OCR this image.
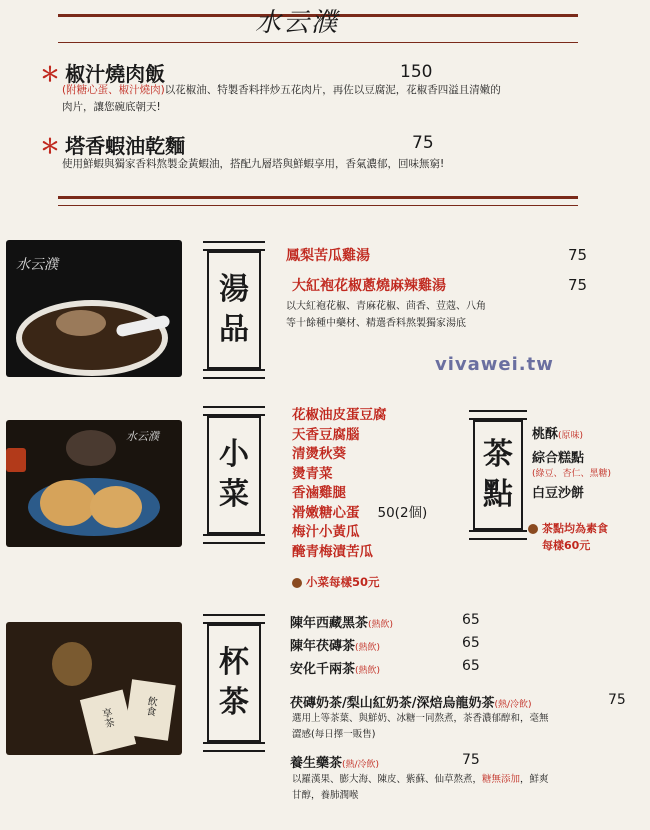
水云濮
＊ 椒汁燒肉飯	150
(附糖心蛋、椒汁燒肉)以花椒油、特製香料拌炒五花肉片，再佐以豆腐泥，花椒香四溢且清嫩的
肉片，讓您碗底朝天!
＊ 塔香蝦油乾麵	75
使用鮮蝦與獨家香料熬製金黃蝦油，搭配九層塔與鮮蝦享用，香氣濃郁，回味無窮!
水云濮
湯
品
鳳梨苦瓜雞湯	75
大紅袍花椒蔥燒麻辣雞湯	75
以大紅袍花椒、青麻花椒、茴香、荳蔻、八角
等十餘種中藥材、精選香料熬製獨家湯底
vivawei.tw
水云濮
小
菜
花椒油皮蛋豆腐
天香豆腐腦
清燙秋葵
燙青菜
香滷雞腿
滑嫩糖心蛋 50(2個)
梅汁小黃瓜
醃青梅漬苦瓜
小菜每樣50元
茶
點
桃酥(原味)
綜合糕點
(綠豆、杏仁、黑糖)
白豆沙餅
茶點均為素食
每樣60元
享茶
飲食
杯
茶
陳年西藏黑茶(熱飲)	65
陳年茯磚茶(熱飲)	65
安化千兩茶(熱飲)	65
茯磚奶茶/梨山紅奶茶/深焙烏龍奶茶(熱/冷飲)	75
選用上等茶葉、與鮮奶、冰糖一同熬煮，茶香濃郁醇和，毫無
澀感(每日擇一販售)
養生藥茶(熱/冷飲)	75
以羅漢果、膨大海、陳皮、紫蘇、仙草熬煮，糖無添加，鮮爽
甘醇，養肺潤喉
